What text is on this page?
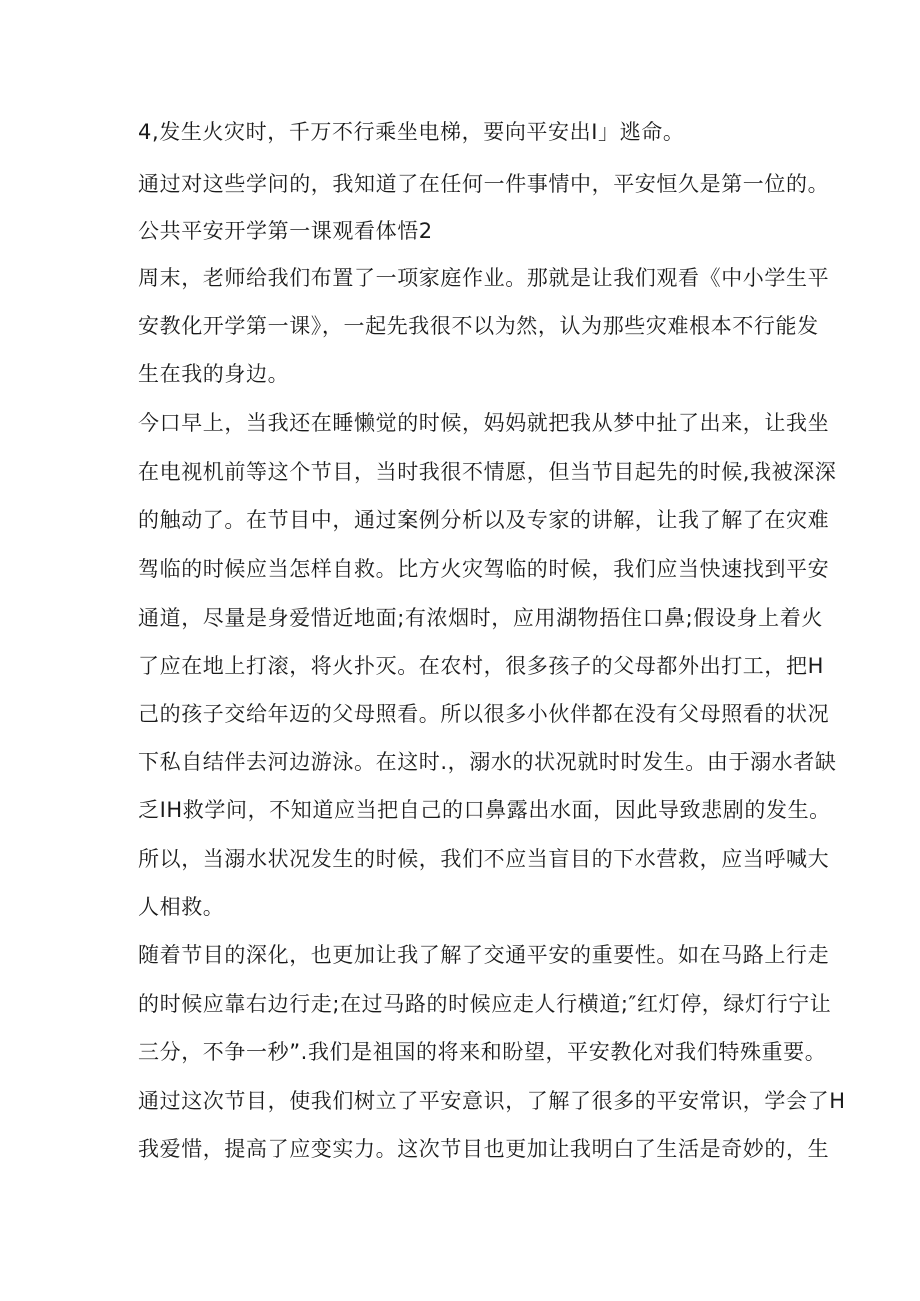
4,发生火灾时，千万不行乘坐电梯，要向平安出I」逃命。
通过对这些学问的，我知道了在任何一件事情中，平安恒久是第一位的。
公共平安开学第一课观看体悟2
周末，老师给我们布置了一项家庭作业。那就是让我们观看《中小学生平
安教化开学第一课》，一起先我很不以为然，认为那些灾难根本不行能发
生在我的身边。
今口早上，当我还在睡懒觉的时候，妈妈就把我从梦中扯了出来，让我坐
在电视机前等这个节目，当时我很不情愿，但当节目起先的时候,我被深深
的触动了。在节目中，通过案例分析以及专家的讲解，让我了解了在灾难
驾临的时候应当怎样自救。比方火灾驾临的时候，我们应当快速找到平安
通道，尽量是身爱惜近地面;有浓烟时，应用湖物捂住口鼻;假设身上着火
了应在地上打滚，将火扑灭。在农村，很多孩子的父母都外出打工，把H
己的孩子交给年迈的父母照看。所以很多小伙伴都在没有父母照看的状况
下私自结伴去河边游泳。在这时.，溺水的状况就时时发生。由于溺水者缺
乏IH救学问，不知道应当把自己的口鼻露出水面，因此导致悲剧的发生。
所以，当溺水状况发生的时候，我们不应当盲目的下水营救，应当呼喊大
人相救。
随着节目的深化，也更加让我了解了交通平安的重要性。如在马路上行走
的时候应靠右边行走;在过马路的时候应走人行横道;″红灯停，绿灯行宁让
三分，不争一秒”.我们是祖国的将来和盼望，平安教化对我们特殊重要。
通过这次节目，使我们树立了平安意识，了解了很多的平安常识，学会了H
我爱惜，提高了应变实力。这次节目也更加让我明白了生活是奇妙的，生
